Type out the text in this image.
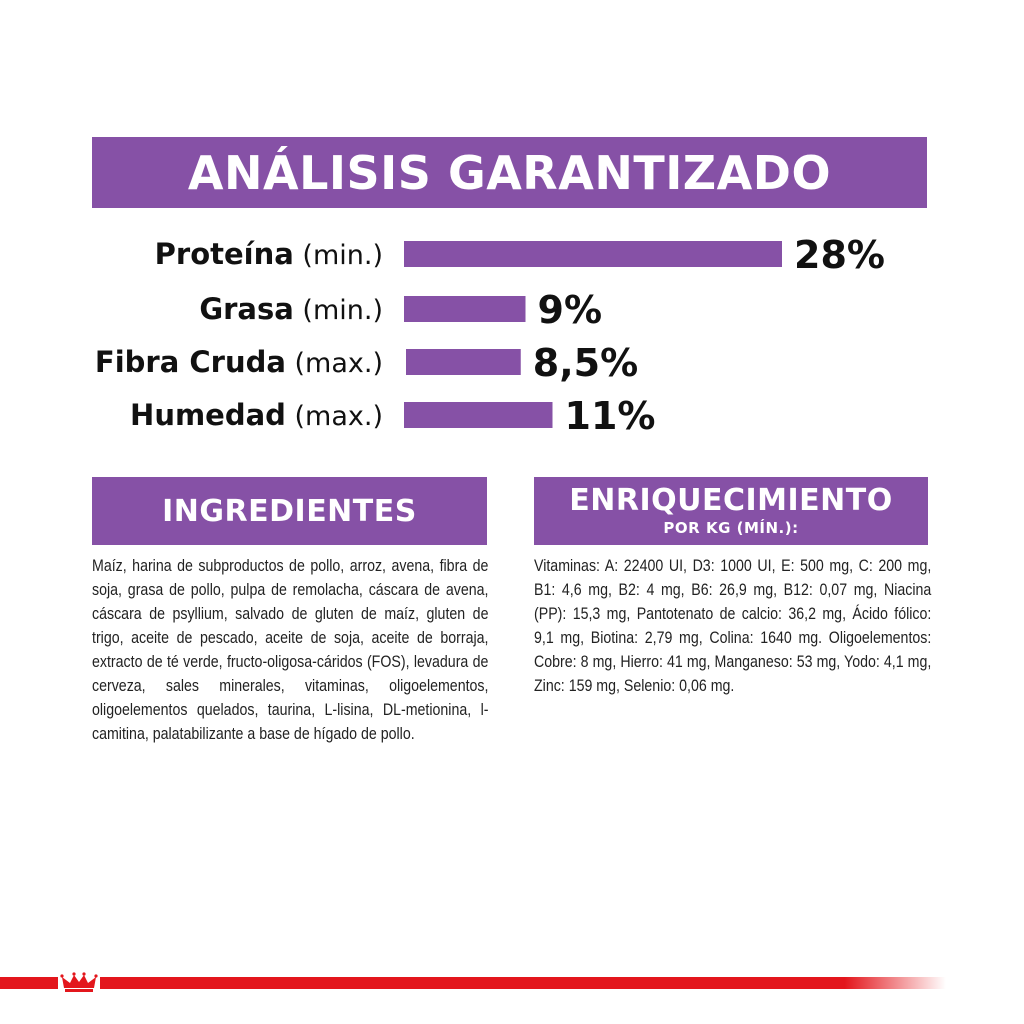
ANÁLISIS GARANTIZADO
Proteína (min.)	28%
Grasa (min.)	9%
Fibra Cruda (max.)	8,5%
Humedad (max.)	11%
INGREDIENTES
Maíz, harina de subproductos de pollo, arroz, avena, fibra de soja, grasa de pollo, pulpa de remolacha, cáscara de avena, cáscara de psyllium, salvado de gluten de maíz, gluten de trigo, aceite de pescado, aceite de soja, aceite de borraja, extracto de té verde, fructo-oligosa-cáridos (FOS), levadura de cerveza, sales minerales, vitaminas, oligoelementos, oligoelementos quelados, taurina, L-lisina, DL-metionina, l-camitina, palatabilizante a base de hígado de pollo.
ENRIQUECIMIENTO
POR KG (MÍN.):
Vitaminas: A: 22400 UI, D3: 1000 UI, E: 500 mg, C: 200 mg, B1: 4,6 mg, B2: 4 mg, B6: 26,9 mg, B12: 0,07 mg, Niacina (PP): 15,3 mg, Pantotenato de calcio: 36,2 mg, Ácido fólico: 9,1 mg, Biotina: 2,79 mg, Colina: 1640 mg. Oligoelementos: Cobre: 8 mg, Hierro: 41 mg, Manganeso: 53 mg, Yodo: 4,1 mg, Zinc: 159 mg, Selenio: 0,06 mg.
